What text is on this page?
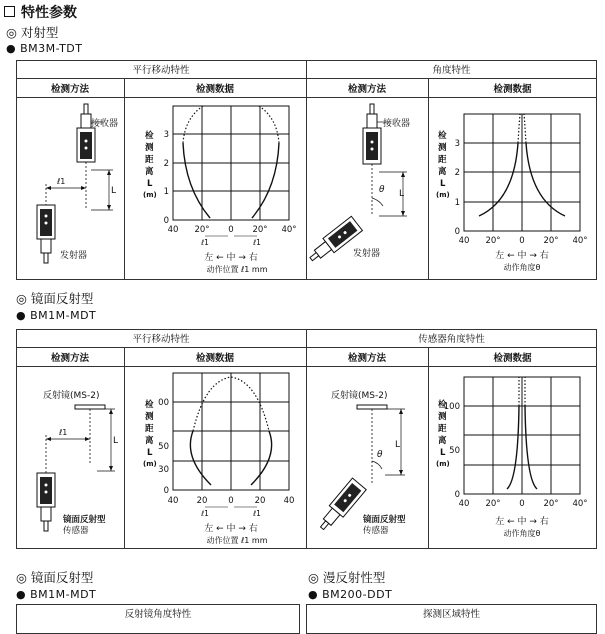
特性参数
◎ 对射型
● BM3M-TDT
平行移动特性	角度特性
检测方法	检测数据	检测方法	检测数据
接收器
发射器
ℓ1
L
0
1
2
3
检
测
距
离
L
(m)
40 20° 0 20° 40°
ℓ1	ℓ1
左 ← 中 → 右
动作位置 ℓ1 mm
接收器
L
θ
发射器
0
1
2
3
检
测
距
离
L
(m)
40 20° 0 20° 40°
左 ← 中 → 右
动作角度θ
◎ 镜面反射型
● BM1M-MDT
平行移动特性	传感器角度特性
检测方法	检测数据	检测方法	检测数据
反射镜(MS-2)
ℓ1
L
镜面反射型
传感器
0
30
50
00
检
测
距
离
L
(m)
40 20 0 20 40
ℓ1	ℓ1
左 ← 中 → 右
动作位置 ℓ1 mm
反射镜(MS-2)
L
θ
镜面反射型
传感器
0
50
100
检
测
距
离
L
(m)
40 20° 0 20° 40°
左 ← 中 → 右
动作角度θ
◎ 镜面反射型
● BM1M-MDT
◎ 漫反射性型
● BM200-DDT
反射镜角度特性	探测区域特性
